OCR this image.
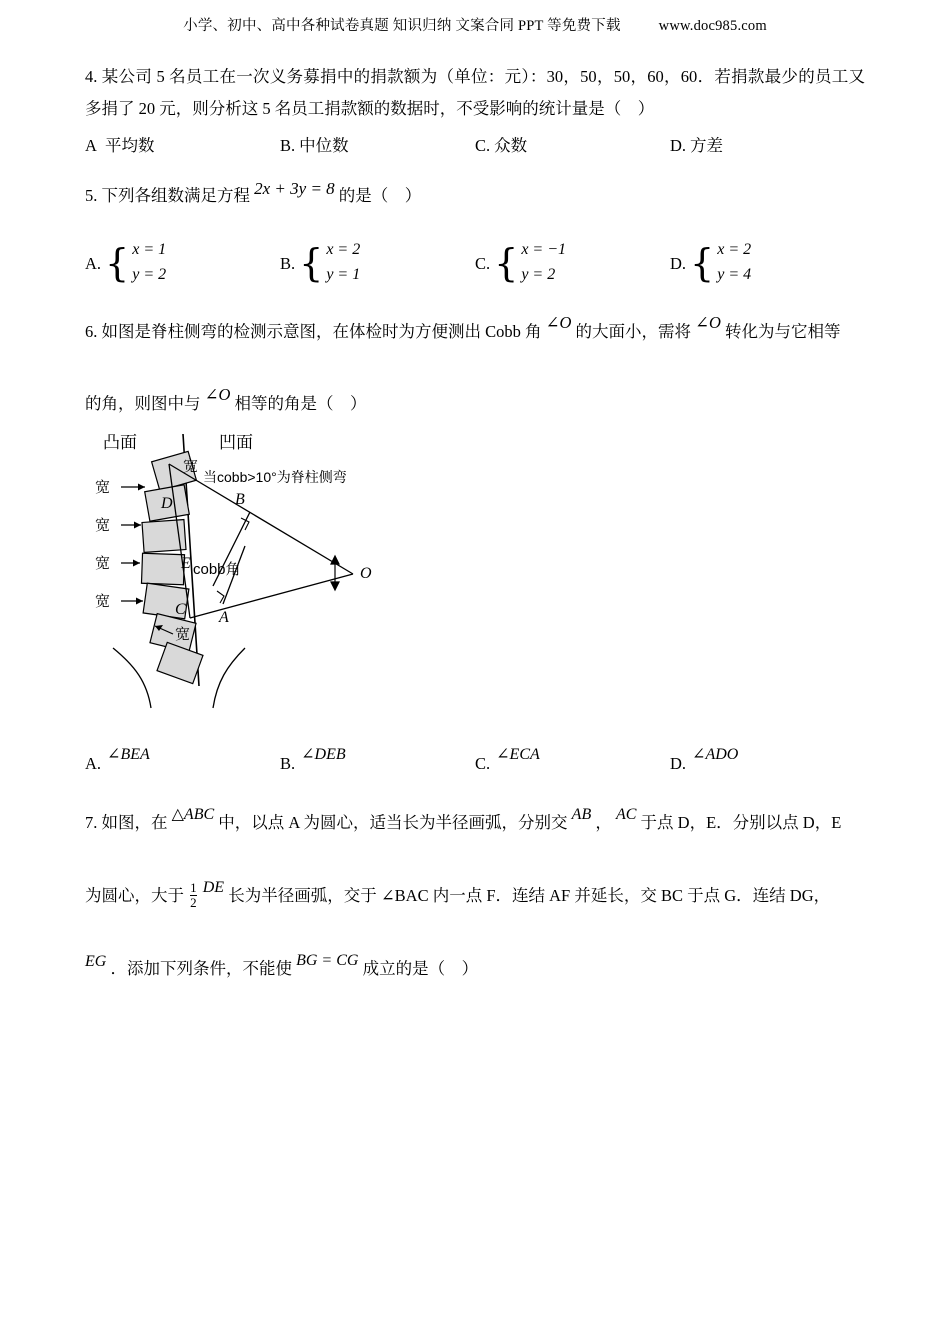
小学、初中、高中各种试卷真题 知识归纳 文案合同 PPT 等免费下载	www.doc985.com
4. 某公司 5 名员工在一次义务募捐中的捐款额为（单位：元）：30，50，50，60，60．若捐款最少的员工又多捐了 20 元，则分析这 5 名员工捐款额的数据时，不受影响的统计量是（　）
A 平均数	B. 中位数	C. 众数	D. 方差
5. 下列各组数满足方程 2x + 3y = 8 的是（　）
A. { x = 1
y = 2
B. { x = 2
y = 1
C. { x = −1
y = 2
D. { x = 2
y = 4
6. 如图是脊柱侧弯的检测示意图，在体检时为方便测出 Cobb 角 ∠O 的大面小，需将 ∠O 转化为与它相等
的角，则图中与 ∠O 相等的角是（　）
凸面	凹面
宽
宽
宽
宽
宽
宽
当cobb>10°为脊柱侧弯
D	B
E
C A
O
cobb角
A. ∠BEA	B. ∠DEB	C. ∠ECA	D. ∠ADO
7. 如图，在 △ABC 中，以点 A 为圆心，适当长为半径画弧，分别交 AB ， AC 于点 D，E．分别以点 D，E
为圆心，大于 $\frac{1}{2}$ DE 长为半径画弧，交于 ∠BAC 内一点 F．连结 AF 并延长，交 BC 于点 G．连结 DG，
EG ．添加下列条件，不能使 BG = CG 成立的是（　）
